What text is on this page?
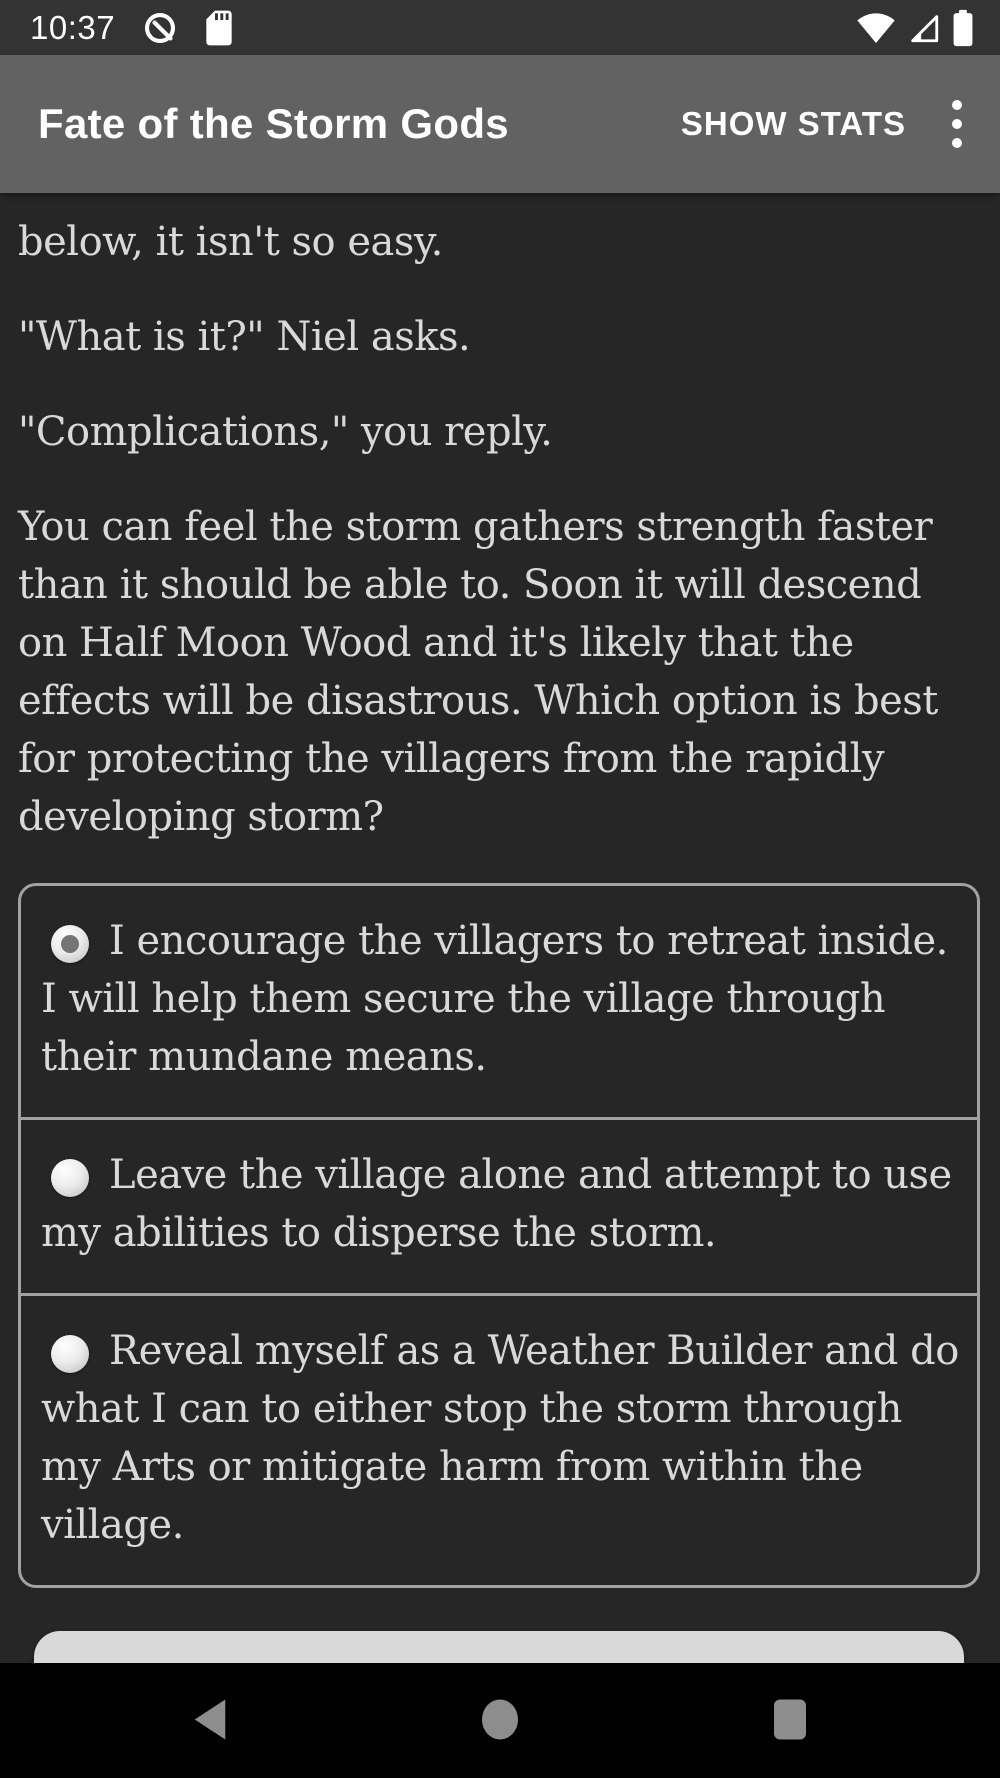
10:37
Fate of the Storm Gods	SHOW STATS

below, it isn't so easy.

"What is it?" Niel asks.

"Complications," you reply.

You can feel the storm gathers strength faster than it should be able to. Soon it will descend on Half Moon Wood and it's likely that the effects will be disastrous. Which option is best for protecting the villagers from the rapidly developing storm?

I encourage the villagers to retreat inside. I will help them secure the village through their mundane means.
Leave the village alone and attempt to use my abilities to disperse the storm.
Reveal myself as a Weather Builder and do what I can to either stop the storm through my Arts or mitigate harm from within the village.
